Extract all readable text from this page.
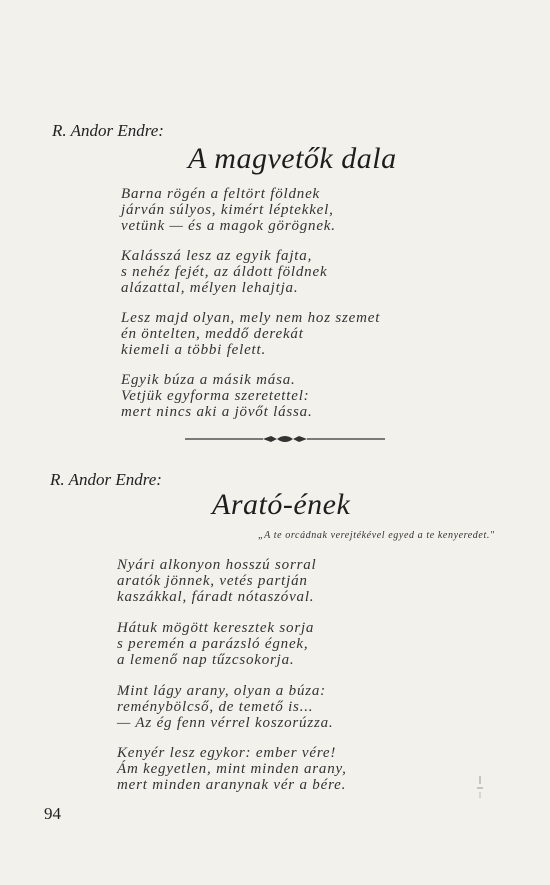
R. Andor Endre:
A magvetők dala
Barna rögén a feltört földnek
járván súlyos, kimért léptekkel,
vetünk — és a magok görögnek.
Kalásszá lesz az egyik fajta,
s nehéz fejét, az áldott földnek
alázattal, mélyen lehajtja.
Lesz majd olyan, mely nem hoz szemet
én öntelten, meddő derekát
kiemeli a többi felett.
Egyik búza a másik mása.
Vetjük egyforma szeretettel:
mert nincs aki a jövőt lássa.
R. Andor Endre:
Arató-ének
„A te orcádnak verejtékével egyed a te kenyeredet."
Nyári alkonyon hosszú sorral
aratók jönnek, vetés partján
kaszákkal, fáradt nótaszóval.
Hátuk mögött keresztek sorja
s peremén a parázsló égnek,
a lemenő nap tűzcsokorja.
Mint lágy arany, olyan a búza:
reménybölcső, de temető is...
— Az ég fenn vérrel koszorúzza.
Kenyér lesz egykor: ember vére!
Ám kegyetlen, mint minden arany,
mert minden aranynak vér a bére.
94
